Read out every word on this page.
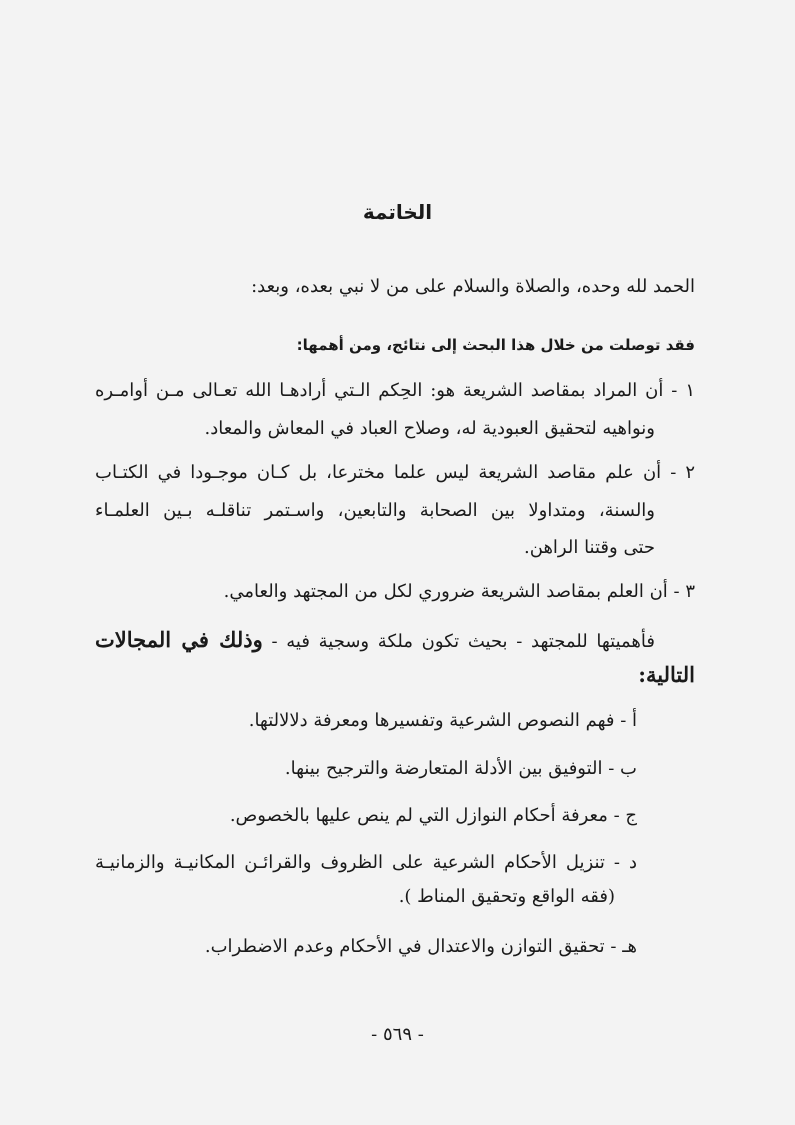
الخاتمة
الحمد لله وحده، والصلاة والسلام على من لا نبي بعده، وبعد:
فقد توصلت من خلال هذا البحث إلى نتائج، ومن أهمها:
١ - أن المراد بمقاصد الشريعة هو: الحِكم الـتي أرادهـا الله تعـالى مـن أوامـره
ونواهيه لتحقيق العبودية له، وصلاح العباد في المعاش والمعاد.
٢ - أن علم مقاصد الشريعة ليس علما مخترعا، بل كـان موجـودا في الكتـاب
والسنة، ومتداولا بين الصحابة والتابعين، واسـتمر تناقلـه بـين العلمـاء
حتى وقتنا الراهن.
٣ - أن العلم بمقاصد الشريعة ضروري لكل من المجتهد والعامي.
فأهميتها للمجتهد - بحيث تكون ملكة وسجية فيه - وذلك في المجالات
التالية:
أ - فهم النصوص الشرعية وتفسيرها ومعرفة دلالالتها.
ب - التوفيق بين الأدلة المتعارضة والترجيح بينها.
ج - معرفة أحكام النوازل التي لم ينص عليها بالخصوص.
د - تنزيل الأحكام الشرعية على الظروف والقرائـن المكانيـة والزمانيـة
(فقه الواقع وتحقيق المناط ).
هـ - تحقيق التوازن والاعتدال في الأحكام وعدم الاضطراب.
- ٥٦٩ -
